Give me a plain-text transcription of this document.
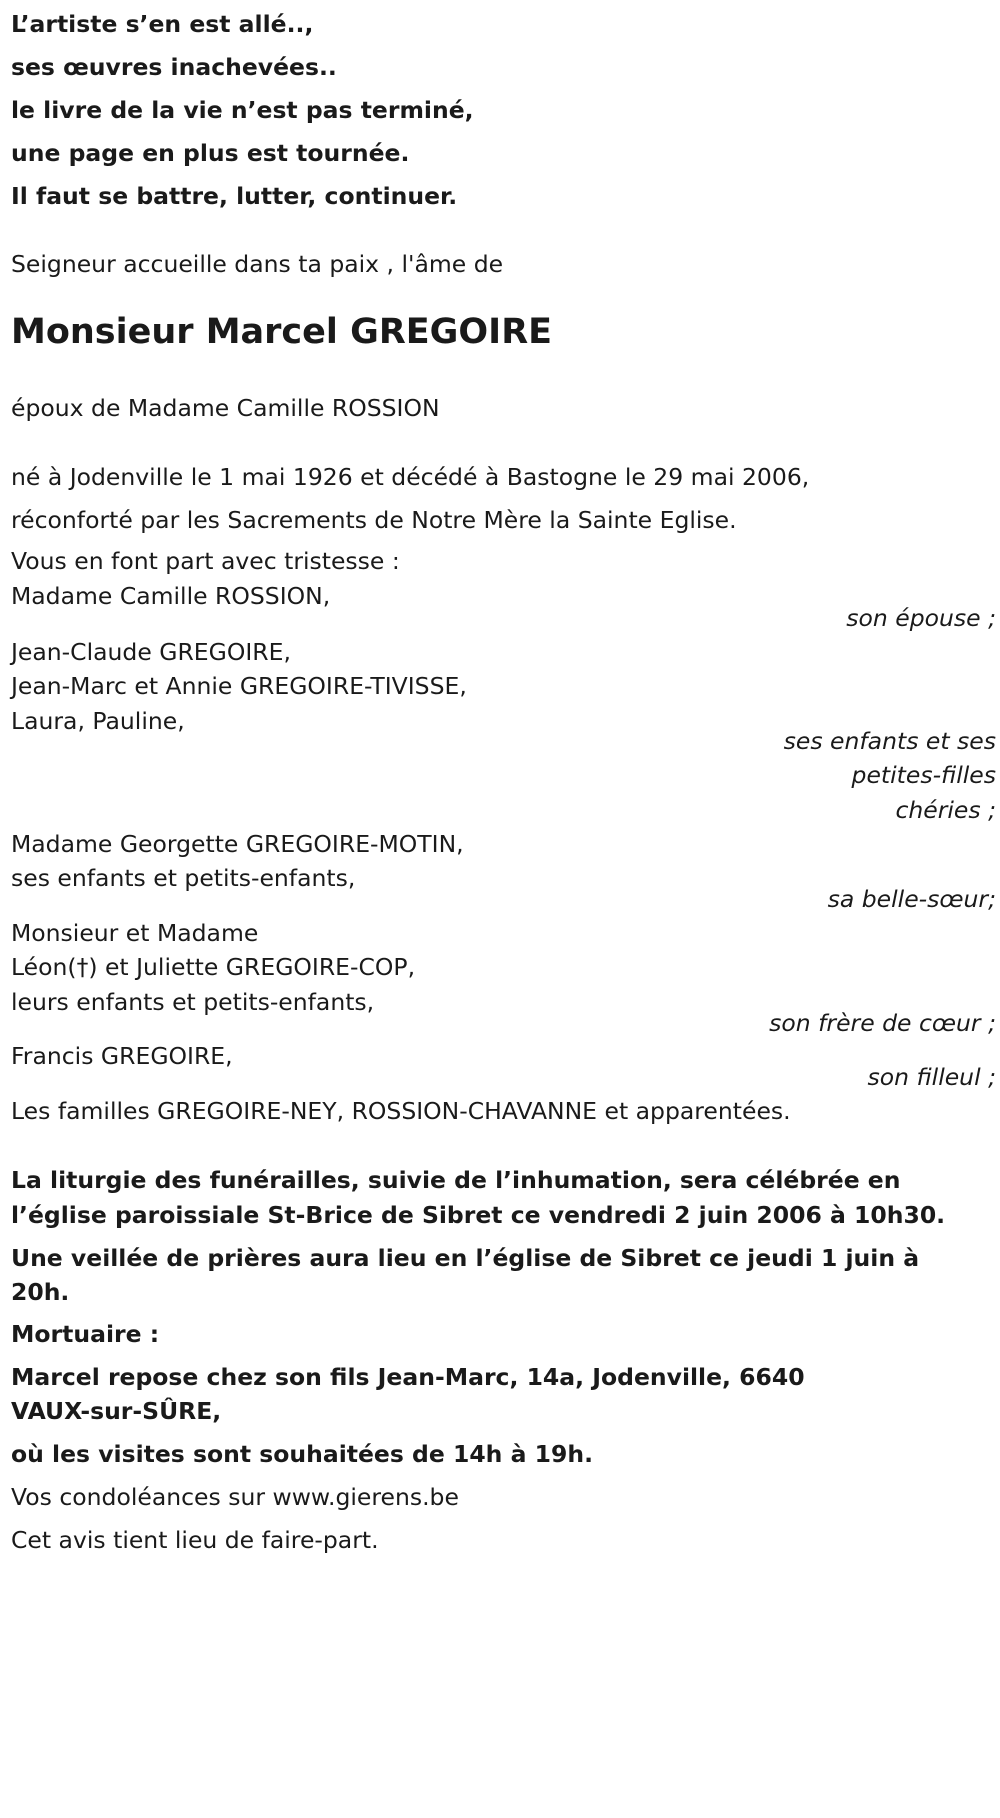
L’artiste s’en est allé..,
ses œuvres inachevées..
le livre de la vie n’est pas terminé,
une page en plus est tournée.
Il faut se battre, lutter, continuer.
Seigneur accueille dans ta paix , l'âme de
Monsieur Marcel GREGOIRE
époux de Madame Camille ROSSION
né à Jodenville le 1 mai 1926 et décédé à Bastogne le 29 mai 2006,
réconforté par les Sacrements de Notre Mère la Sainte Eglise.
Vous en font part avec tristesse :
Madame Camille ROSSION,
son épouse ;
Jean-Claude GREGOIRE,
Jean-Marc et Annie GREGOIRE-TIVISSE,
Laura, Pauline,
ses enfants et ses
petites-filles
chéries ;
Madame Georgette GREGOIRE-MOTIN,
ses enfants et petits-enfants,
sa belle-sœur;
Monsieur et Madame
Léon(†) et Juliette GREGOIRE-COP,
leurs enfants et petits-enfants,
son frère de cœur ;
Francis GREGOIRE,
son filleul ;
Les familles GREGOIRE-NEY, ROSSION-CHAVANNE et apparentées.
La liturgie des funérailles, suivie de l’inhumation, sera célébrée en
l’église paroissiale St-Brice de Sibret ce vendredi 2 juin 2006 à 10h30.
Une veillée de prières aura lieu en l’église de Sibret ce jeudi 1 juin à
20h.
Mortuaire :
Marcel repose chez son fils Jean-Marc, 14a, Jodenville, 6640
VAUX-sur-SÛRE,
où les visites sont souhaitées de 14h à 19h.
Vos condoléances sur www.gierens.be
Cet avis tient lieu de faire-part.
